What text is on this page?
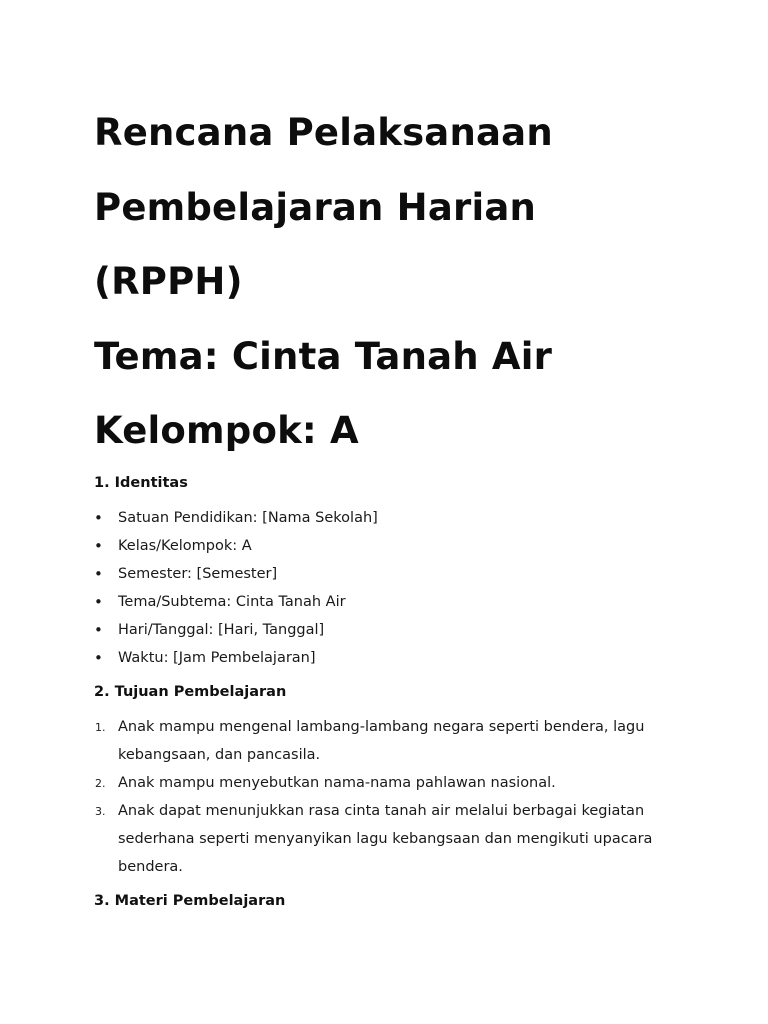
Rencana Pelaksanaan
Pembelajaran Harian
(RPPH)
Tema: Cinta Tanah Air
Kelompok: A
1. Identitas
•	Satuan Pendidikan: [Nama Sekolah]
•	Kelas/Kelompok: A
•	Semester: [Semester]
•	Tema/Subtema: Cinta Tanah Air
•	Hari/Tanggal: [Hari, Tanggal]
•	Waktu: [Jam Pembelajaran]
2. Tujuan Pembelajaran
1. Anak mampu mengenal lambang-lambang negara seperti bendera, lagu kebangsaan, dan pancasila.
2. Anak mampu menyebutkan nama-nama pahlawan nasional.
3. Anak dapat menunjukkan rasa cinta tanah air melalui berbagai kegiatan sederhana seperti menyanyikan lagu kebangsaan dan mengikuti upacara bendera.
3. Materi Pembelajaran
